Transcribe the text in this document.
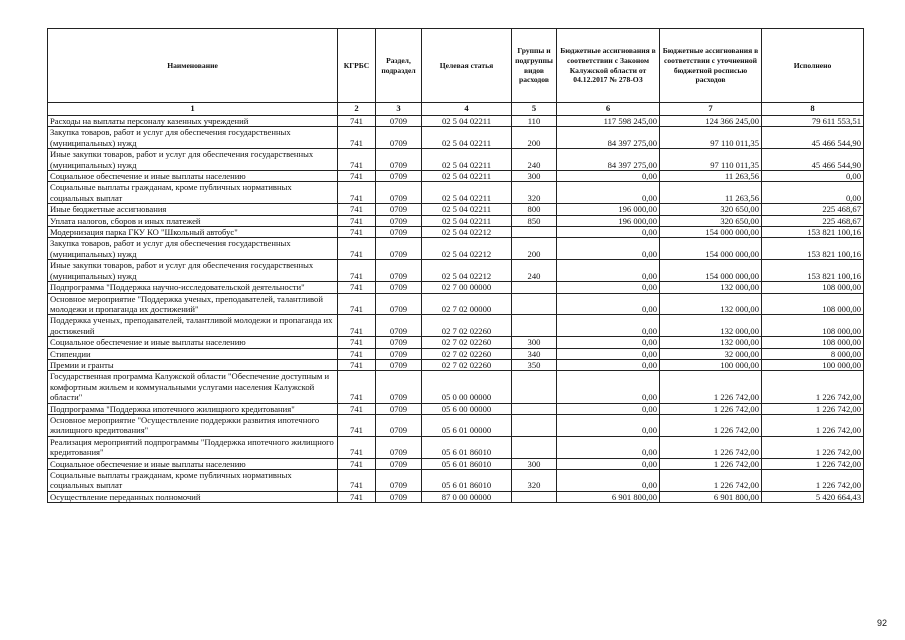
Наименование	КГРБС	Раздел, подраздел	Целевая статья	Группы и подгруппы видов расходов	Бюджетные ассигнования в соответствии с Законом Калужской области от 04.12.2017 № 278-ОЗ	Бюджетные ассигнования в соответствии с уточненной бюджетной росписью расходов	Исполнено
1	2	3	4	5	6	7	8
Расходы на выплаты персоналу казенных учреждений	741	0709	02 5 04 02211	110	117 598 245,00	124 366 245,00	79 611 553,51
Закупка товаров, работ и услуг для обеспечения государственных (муниципальных) нужд	741	0709	02 5 04 02211	200	84 397 275,00	97 110 011,35	45 466 544,90
Иные закупки товаров, работ и услуг для обеспечения государственных (муниципальных) нужд	741	0709	02 5 04 02211	240	84 397 275,00	97 110 011,35	45 466 544,90
Социальное обеспечение и иные выплаты населению	741	0709	02 5 04 02211	300	0,00	11 263,56	0,00
Социальные выплаты гражданам, кроме публичных нормативных социальных выплат	741	0709	02 5 04 02211	320	0,00	11 263,56	0,00
Иные бюджетные ассигнования	741	0709	02 5 04 02211	800	196 000,00	320 650,00	225 468,67
Уплата налогов, сборов и иных платежей	741	0709	02 5 04 02211	850	196 000,00	320 650,00	225 468,67
Модернизация парка ГКУ КО "Школьный автобус"	741	0709	02 5 04 02212		0,00	154 000 000,00	153 821 100,16
Закупка товаров, работ и услуг для обеспечения государственных (муниципальных) нужд	741	0709	02 5 04 02212	200	0,00	154 000 000,00	153 821 100,16
Иные закупки товаров, работ и услуг для обеспечения государственных (муниципальных) нужд	741	0709	02 5 04 02212	240	0,00	154 000 000,00	153 821 100,16
Подпрограмма "Поддержка научно-исследовательской деятельности"	741	0709	02 7 00 00000		0,00	132 000,00	108 000,00
Основное мероприятие "Поддержка ученых, преподавателей, талантливой молодежи и пропаганда их достижений"	741	0709	02 7 02 00000		0,00	132 000,00	108 000,00
Поддержка ученых, преподавателей, талантливой молодежи и пропаганда их достижений	741	0709	02 7 02 02260		0,00	132 000,00	108 000,00
Социальное обеспечение и иные выплаты населению	741	0709	02 7 02 02260	300	0,00	132 000,00	108 000,00
Стипендии	741	0709	02 7 02 02260	340	0,00	32 000,00	8 000,00
Премии и гранты	741	0709	02 7 02 02260	350	0,00	100 000,00	100 000,00
Государственная программа Калужской области "Обеспечение доступным и комфортным жильем и коммунальными услугами населения Калужской области"	741	0709	05 0 00 00000		0,00	1 226 742,00	1 226 742,00
Подпрограмма "Поддержка ипотечного жилищного кредитования"	741	0709	05 6 00 00000		0,00	1 226 742,00	1 226 742,00
Основное мероприятие "Осуществление поддержки развития ипотечного жилищного кредитования"	741	0709	05 6 01 00000		0,00	1 226 742,00	1 226 742,00
Реализация мероприятий подпрограммы "Поддержка ипотечного жилищного кредитования"	741	0709	05 6 01 86010		0,00	1 226 742,00	1 226 742,00
Социальное обеспечение и иные выплаты населению	741	0709	05 6 01 86010	300	0,00	1 226 742,00	1 226 742,00
Социальные выплаты гражданам, кроме публичных нормативных социальных выплат	741	0709	05 6 01 86010	320	0,00	1 226 742,00	1 226 742,00
Осуществление переданных полномочий	741	0709	87 0 00 00000		6 901 800,00	6 901 800,00	5 420 664,43
92
